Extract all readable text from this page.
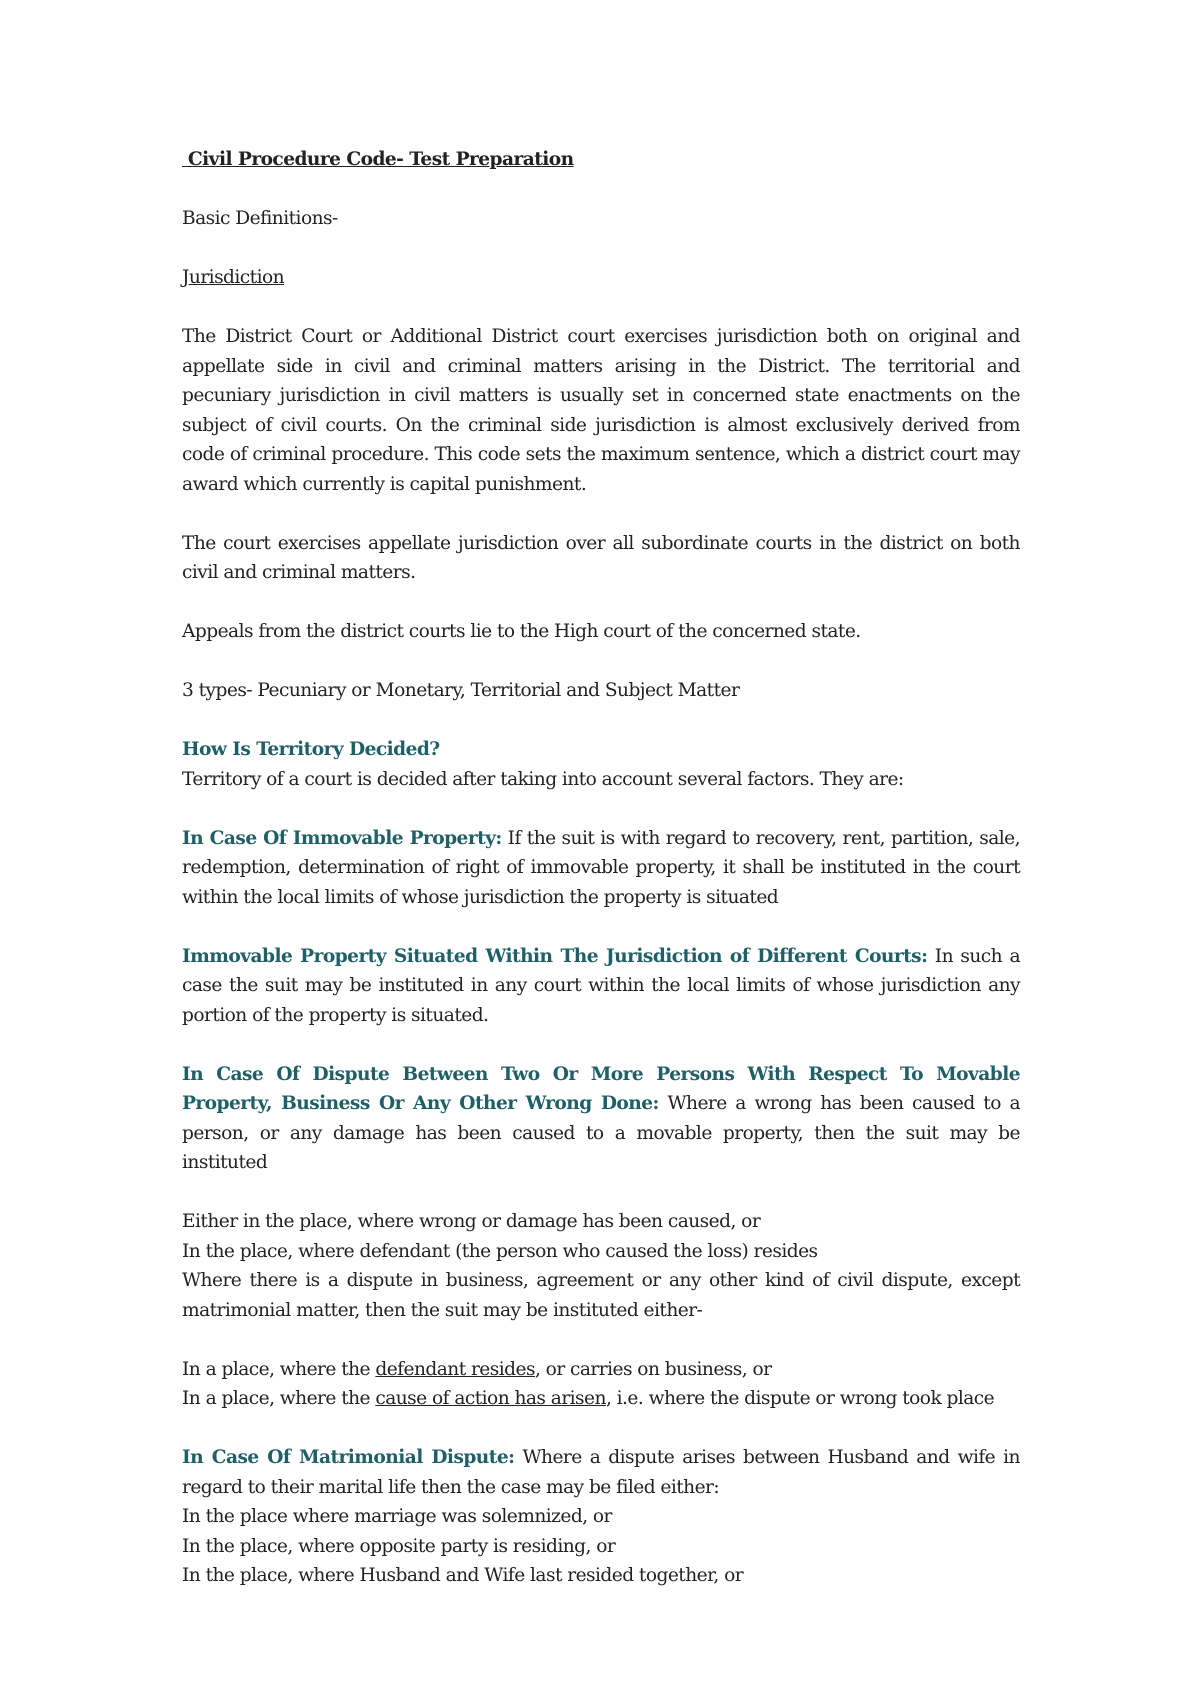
Civil Procedure Code- Test Preparation

Basic Definitions-

Jurisdiction

The District Court or Additional District court exercises jurisdiction both on original and appellate side in civil and criminal matters arising in the District. The territorial and pecuniary jurisdiction in civil matters is usually set in concerned state enactments on the subject of civil courts. On the criminal side jurisdiction is almost exclusively derived from code of criminal procedure. This code sets the maximum sentence, which a district court may award which currently is capital punishment.

The court exercises appellate jurisdiction over all subordinate courts in the district on both civil and criminal matters.

Appeals from the district courts lie to the High court of the concerned state.

3 types- Pecuniary or Monetary, Territorial and Subject Matter

How Is Territory Decided?
Territory of a court is decided after taking into account several factors. They are:

In Case Of Immovable Property: If the suit is with regard to recovery, rent, partition, sale, redemption, determination of right of immovable property, it shall be instituted in the court within the local limits of whose jurisdiction the property is situated

Immovable Property Situated Within The Jurisdiction of Different Courts: In such a case the suit may be instituted in any court within the local limits of whose jurisdiction any portion of the property is situated.

In Case Of Dispute Between Two Or More Persons With Respect To Movable Property, Business Or Any Other Wrong Done: Where a wrong has been caused to a person, or any damage has been caused to a movable property, then the suit may be instituted

Either in the place, where wrong or damage has been caused, or

In the place, where defendant (the person who caused the loss) resides

Where there is a dispute in business, agreement or any other kind of civil dispute, except matrimonial matter, then the suit may be instituted either-

In a place, where the defendant resides, or carries on business, or

In a place, where the cause of action has arisen, i.e. where the dispute or wrong took place

In Case Of Matrimonial Dispute: Where a dispute arises between Husband and wife in regard to their marital life then the case may be filed either:

In the place where marriage was solemnized, or

In the place, where opposite party is residing, or

In the place, where Husband and Wife last resided together, or
